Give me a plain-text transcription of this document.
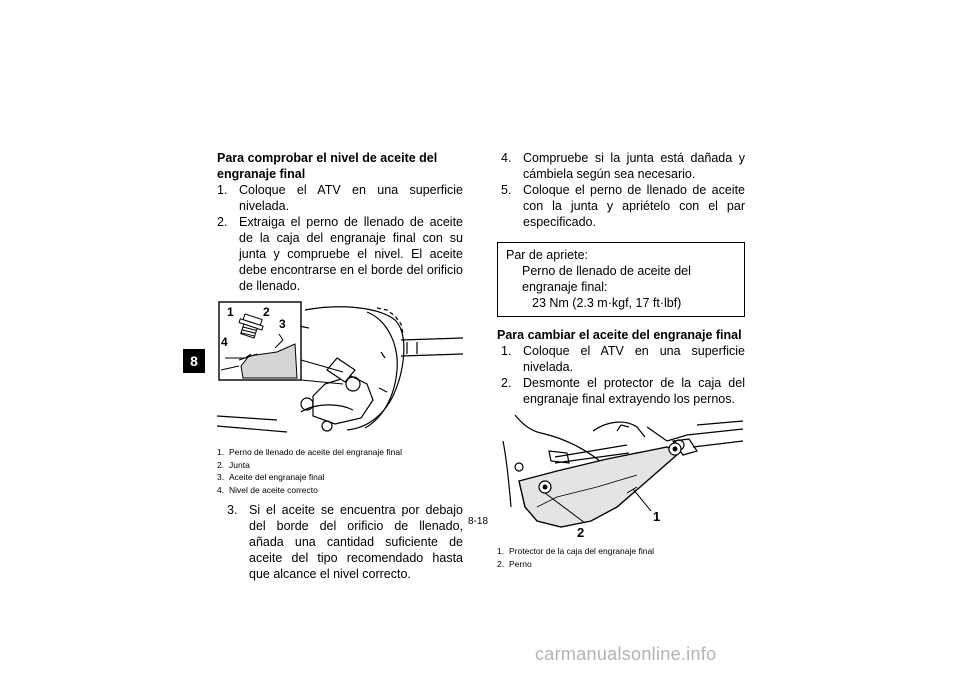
8

Para comprobar el nivel de aceite del engranaje final

1. Coloque el ATV en una superficie nivelada.
2. Extraiga el perno de llenado de aceite de la caja del engranaje final con su junta y compruebe el nivel. El aceite debe encontrarse en el borde del orificio de llenado.
1 2
3
4
1. Perno de llenado de aceite del engranaje final
2. Junta
3. Aceite del engranaje final
4. Nivel de aceite correcto
3. Si el aceite se encuentra por debajo del borde del orificio de llenado, añada una cantidad suficiente de aceite del tipo recomendado hasta que alcance el nivel correcto.
4. Compruebe si la junta está dañada y cámbiela según sea necesario.
5. Coloque el perno de llenado de aceite con la junta y apriételo con el par especificado.
Par de apriete:
Perno de llenado de aceite del engranaje final:
23 Nm (2.3 m·kgf, 17 ft·lbf)

Para cambiar el aceite del engranaje final

1. Coloque el ATV en una superficie nivelada.
2. Desmonte el protector de la caja del engranaje final extrayendo los pernos.
1
2
1. Protector de la caja del engranaje final
2. Perno
8-18
carmanualsonline.info
